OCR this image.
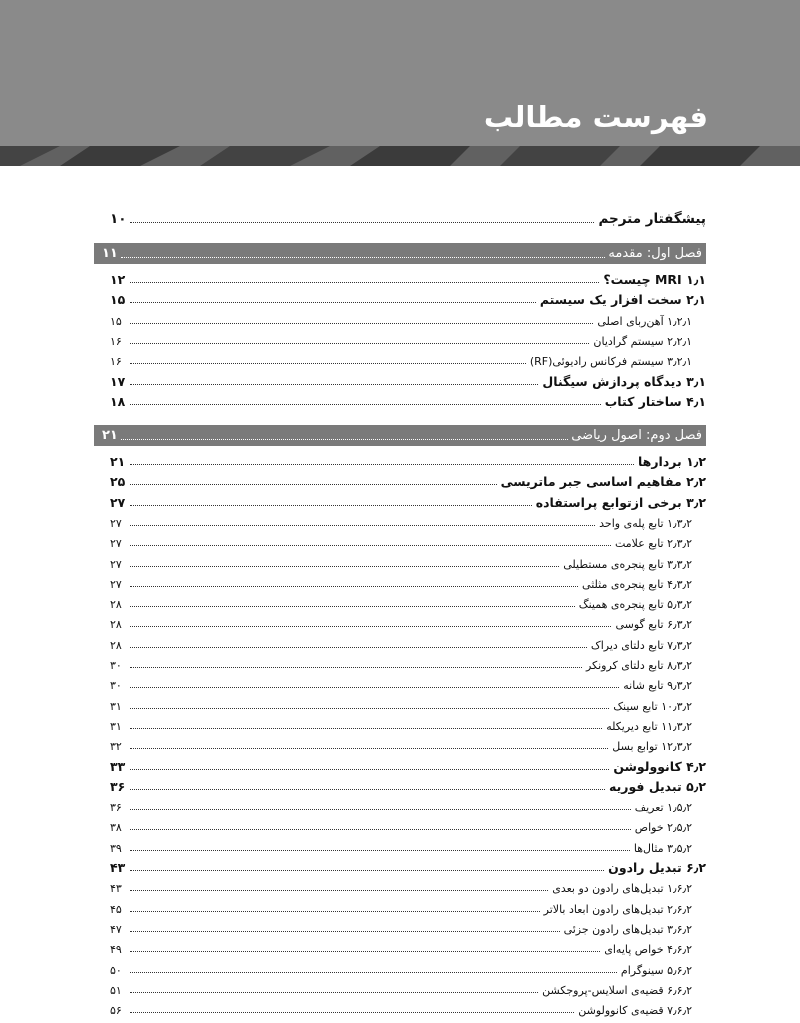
فهرست مطالب
پیشگفتار مترجم
۱۰
فصل اول: مقدمه
۱۱
۱٫۱ MRI چیست؟
۱۲
۲٫۱ سخت افزار یک سیستم
۱۵
۱٫۲٫۱ آهن‌ربای اصلی
۱۵
۲٫۲٫۱ سیستم گرادیان
۱۶
۳٫۲٫۱ سیستم فرکانس رادیوئی(RF)
۱۶
۳٫۱ دیدگاه پردازش سیگنال
۱۷
۴٫۱ ساختار کتاب
۱۸
فصل دوم: اصول ریاضی
۲۱
۱٫۲ بردارها
۲۱
۲٫۲ مفاهیم اساسی جبر ماتریسی
۲۵
۳٫۲ برخی ازتوابع پراستفاده
۲۷
۱٫۳٫۲ تابع پله‌ی واحد
۲۷
۲٫۳٫۲ تابع علامت
۲۷
۳٫۳٫۲ تابع پنجره‌ی مستطیلی
۲۷
۴٫۳٫۲ تابع پنجره‌ی مثلثی
۲۷
۵٫۳٫۲ تابع پنجره‌ی همینگ
۲۸
۶٫۳٫۲ تابع گوسی
۲۸
۷٫۳٫۲ تابع دلتای دیراک
۲۸
۸٫۳٫۲ تابع دلتای کرونکر
۳۰
۹٫۳٫۲ تابع شانه
۳۰
۱۰٫۳٫۲ تابع سینک
۳۱
۱۱٫۳٫۲ تابع دیریکله
۳۱
۱۲٫۳٫۲ توابع بسل
۳۲
۴٫۲ کانوولوشن
۳۳
۵٫۲ تبدیل فوریه
۳۶
۱٫۵٫۲ تعریف
۳۶
۲٫۵٫۲ خواص
۳۸
۳٫۵٫۲ مثال‌ها
۳۹
۶٫۲ تبدیل رادون
۴۳
۱٫۶٫۲ تبدیل‌های رادون دو بعدی
۴۳
۲٫۶٫۲ تبدیل‌های رادون ابعاد بالاتر
۴۵
۳٫۶٫۲ تبدیل‌های رادون جزئی
۴۷
۴٫۶٫۲ خواص پایه‌ای
۴۹
۵٫۶٫۲ سینوگرام
۵۰
۶٫۶٫۲ قضیه‌ی اسلایس-پروجکشن
۵۱
۷٫۶٫۲ قضیه‌ی کانوولوشن
۵۶
